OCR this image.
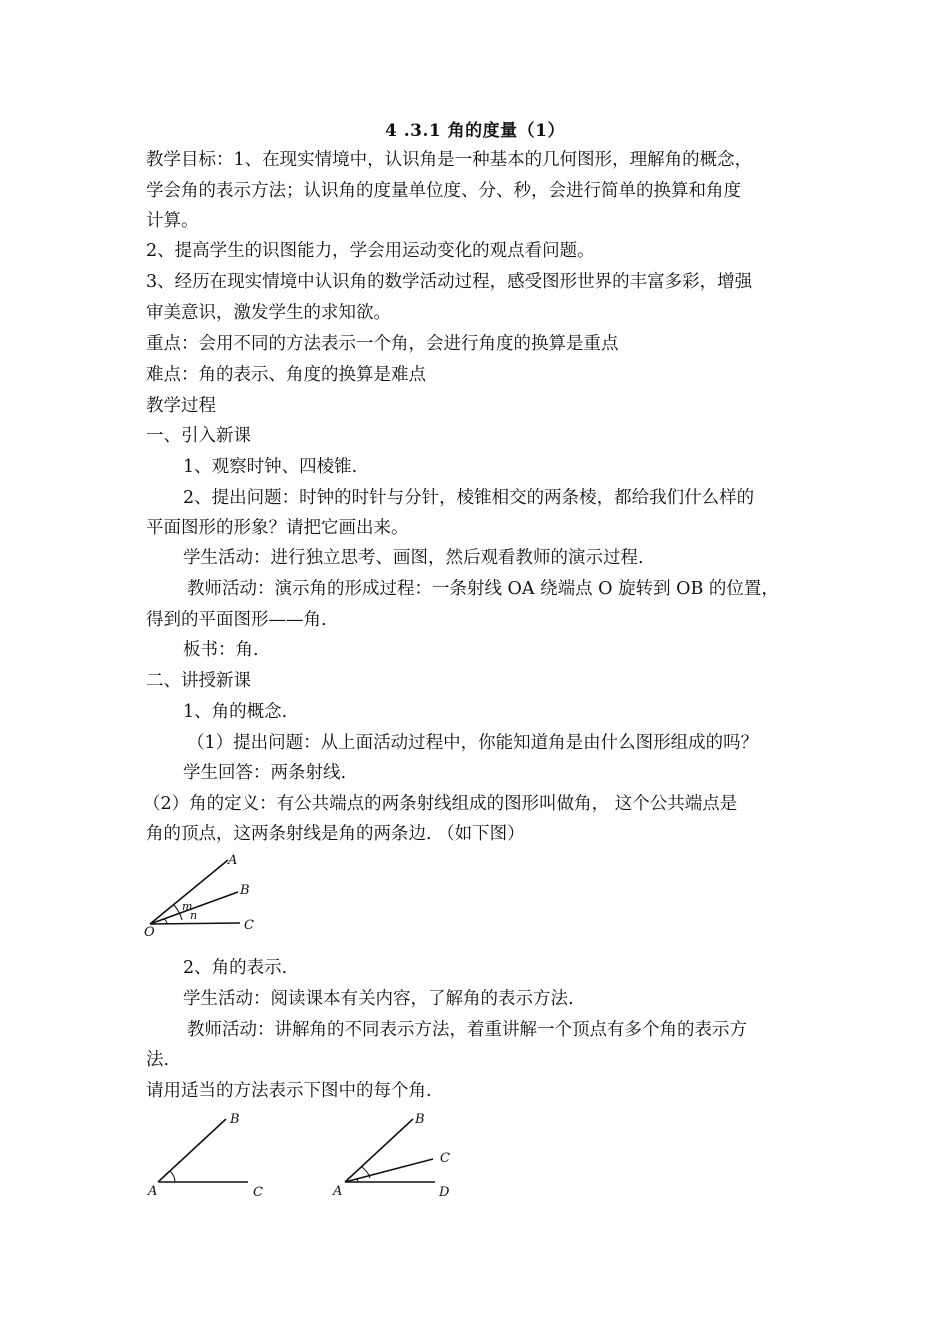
4 .3.1 角的度量（1）
教学目标：1、在现实情境中，认识角是一种基本的几何图形，理解角的概念，
学会角的表示方法；认识角的度量单位度、分、秒，会进行简单的换算和角度
计算。
2、提高学生的识图能力，学会用运动变化的观点看问题。
3、经历在现实情境中认识角的数学活动过程，感受图形世界的丰富多彩，增强
审美意识，激发学生的求知欲。
重点：会用不同的方法表示一个角，会进行角度的换算是重点
难点：角的表示、角度的换算是难点
教学过程
一、引入新课
1、观察时钟、四棱锥.
2、提出问题：时钟的时针与分针，棱锥相交的两条棱，都给我们什么样的
平面图形的形象？请把它画出来。
学生活动：进行独立思考、画图，然后观看教师的演示过程.
教师活动：演示角的形成过程：一条射线 OA 绕端点 O 旋转到 OB 的位置，
得到的平面图形——角.
板书：角.
二、讲授新课
1、角的概念.
（1）提出问题：从上面活动过程中，你能知道角是由什么图形组成的吗？
学生回答：两条射线.
（2）角的定义：有公共端点的两条射线组成的图形叫做角， 这个公共端点是
角的顶点，这两条射线是角的两条边. （如下图）
A
B
C
O
m
n
2、角的表示.
学生活动：阅读课本有关内容，了解角的表示方法.
教师活动：讲解角的不同表示方法，着重讲解一个顶点有多个角的表示方
法.
请用适当的方法表示下图中的每个角.
B
A	C
B
C
A	D
